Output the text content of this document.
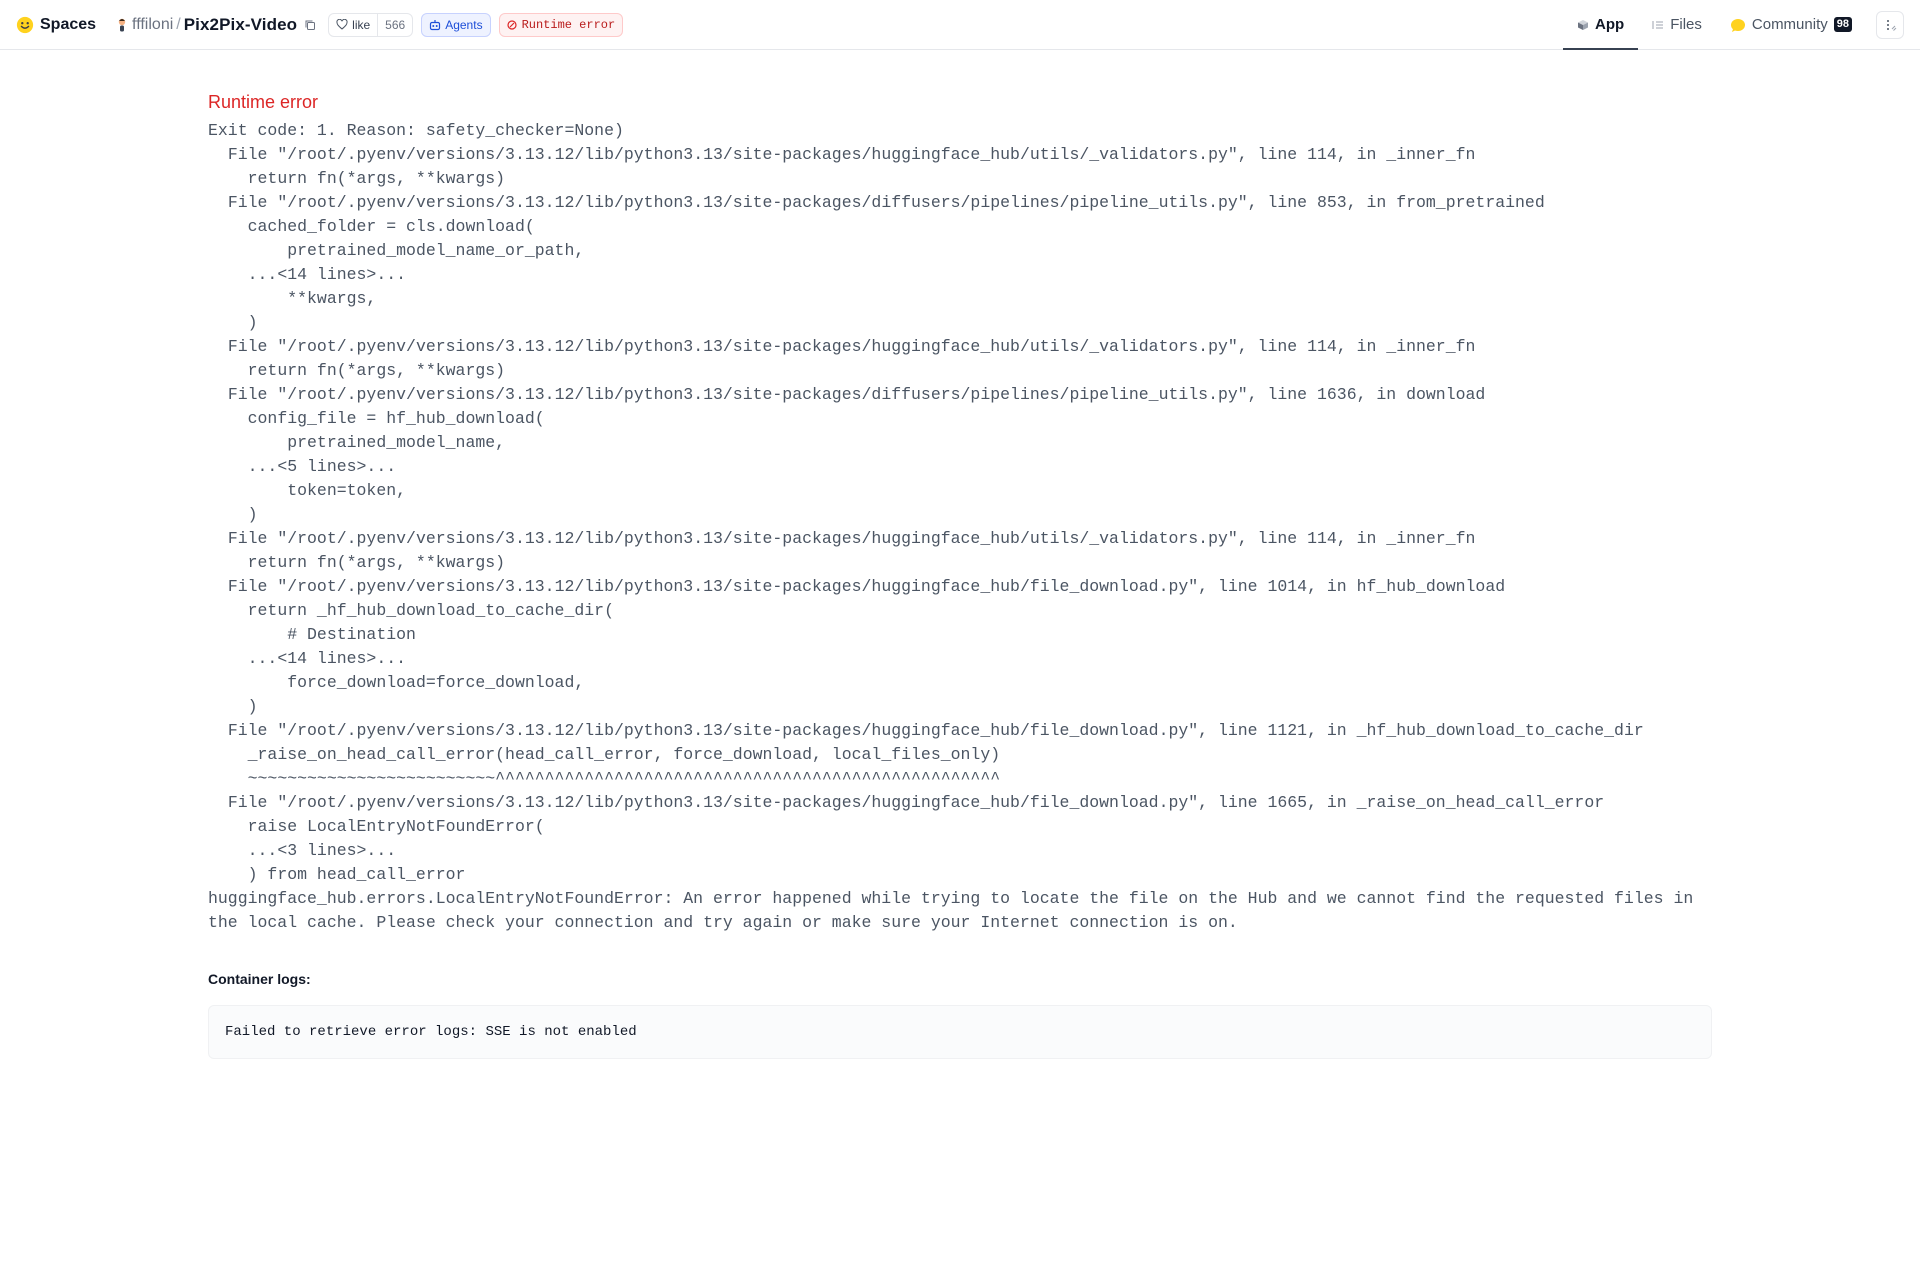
Spaces fffiloni / Pix2Pix-Video	like	566	Agents	Runtime error	App	Files	Community 98
Runtime error
Exit code: 1. Reason: safety_checker=None)
File "/root/.pyenv/versions/3.13.12/lib/python3.13/site-packages/huggingface_hub/utils/_validators.py", line 114, in _inner_fn
return fn(*args, **kwargs)
File "/root/.pyenv/versions/3.13.12/lib/python3.13/site-packages/diffusers/pipelines/pipeline_utils.py", line 853, in from_pretrained
cached_folder = cls.download(
pretrained_model_name_or_path,
...<14 lines>...
**kwargs,
)
File "/root/.pyenv/versions/3.13.12/lib/python3.13/site-packages/huggingface_hub/utils/_validators.py", line 114, in _inner_fn
return fn(*args, **kwargs)
File "/root/.pyenv/versions/3.13.12/lib/python3.13/site-packages/diffusers/pipelines/pipeline_utils.py", line 1636, in download
config_file = hf_hub_download(
pretrained_model_name,
...<5 lines>...
token=token,
)
File "/root/.pyenv/versions/3.13.12/lib/python3.13/site-packages/huggingface_hub/utils/_validators.py", line 114, in _inner_fn
return fn(*args, **kwargs)
File "/root/.pyenv/versions/3.13.12/lib/python3.13/site-packages/huggingface_hub/file_download.py", line 1014, in hf_hub_download
return _hf_hub_download_to_cache_dir(
# Destination
...<14 lines>...
force_download=force_download,
)
File "/root/.pyenv/versions/3.13.12/lib/python3.13/site-packages/huggingface_hub/file_download.py", line 1121, in _hf_hub_download_to_cache_dir
_raise_on_head_call_error(head_call_error, force_download, local_files_only)
~~~~~~~~~~~~~~~~~~~~~~~~~^^^^^^^^^^^^^^^^^^^^^^^^^^^^^^^^^^^^^^^^^^^^^^^^^^^
File "/root/.pyenv/versions/3.13.12/lib/python3.13/site-packages/huggingface_hub/file_download.py", line 1665, in _raise_on_head_call_error
raise LocalEntryNotFoundError(
...<3 lines>...
) from head_call_error
huggingface_hub.errors.LocalEntryNotFoundError: An error happened while trying to locate the file on the Hub and we cannot find the requested files in the local cache. Please check your connection and try again or make sure your Internet connection is on.
Container logs:
Failed to retrieve error logs: SSE is not enabled
